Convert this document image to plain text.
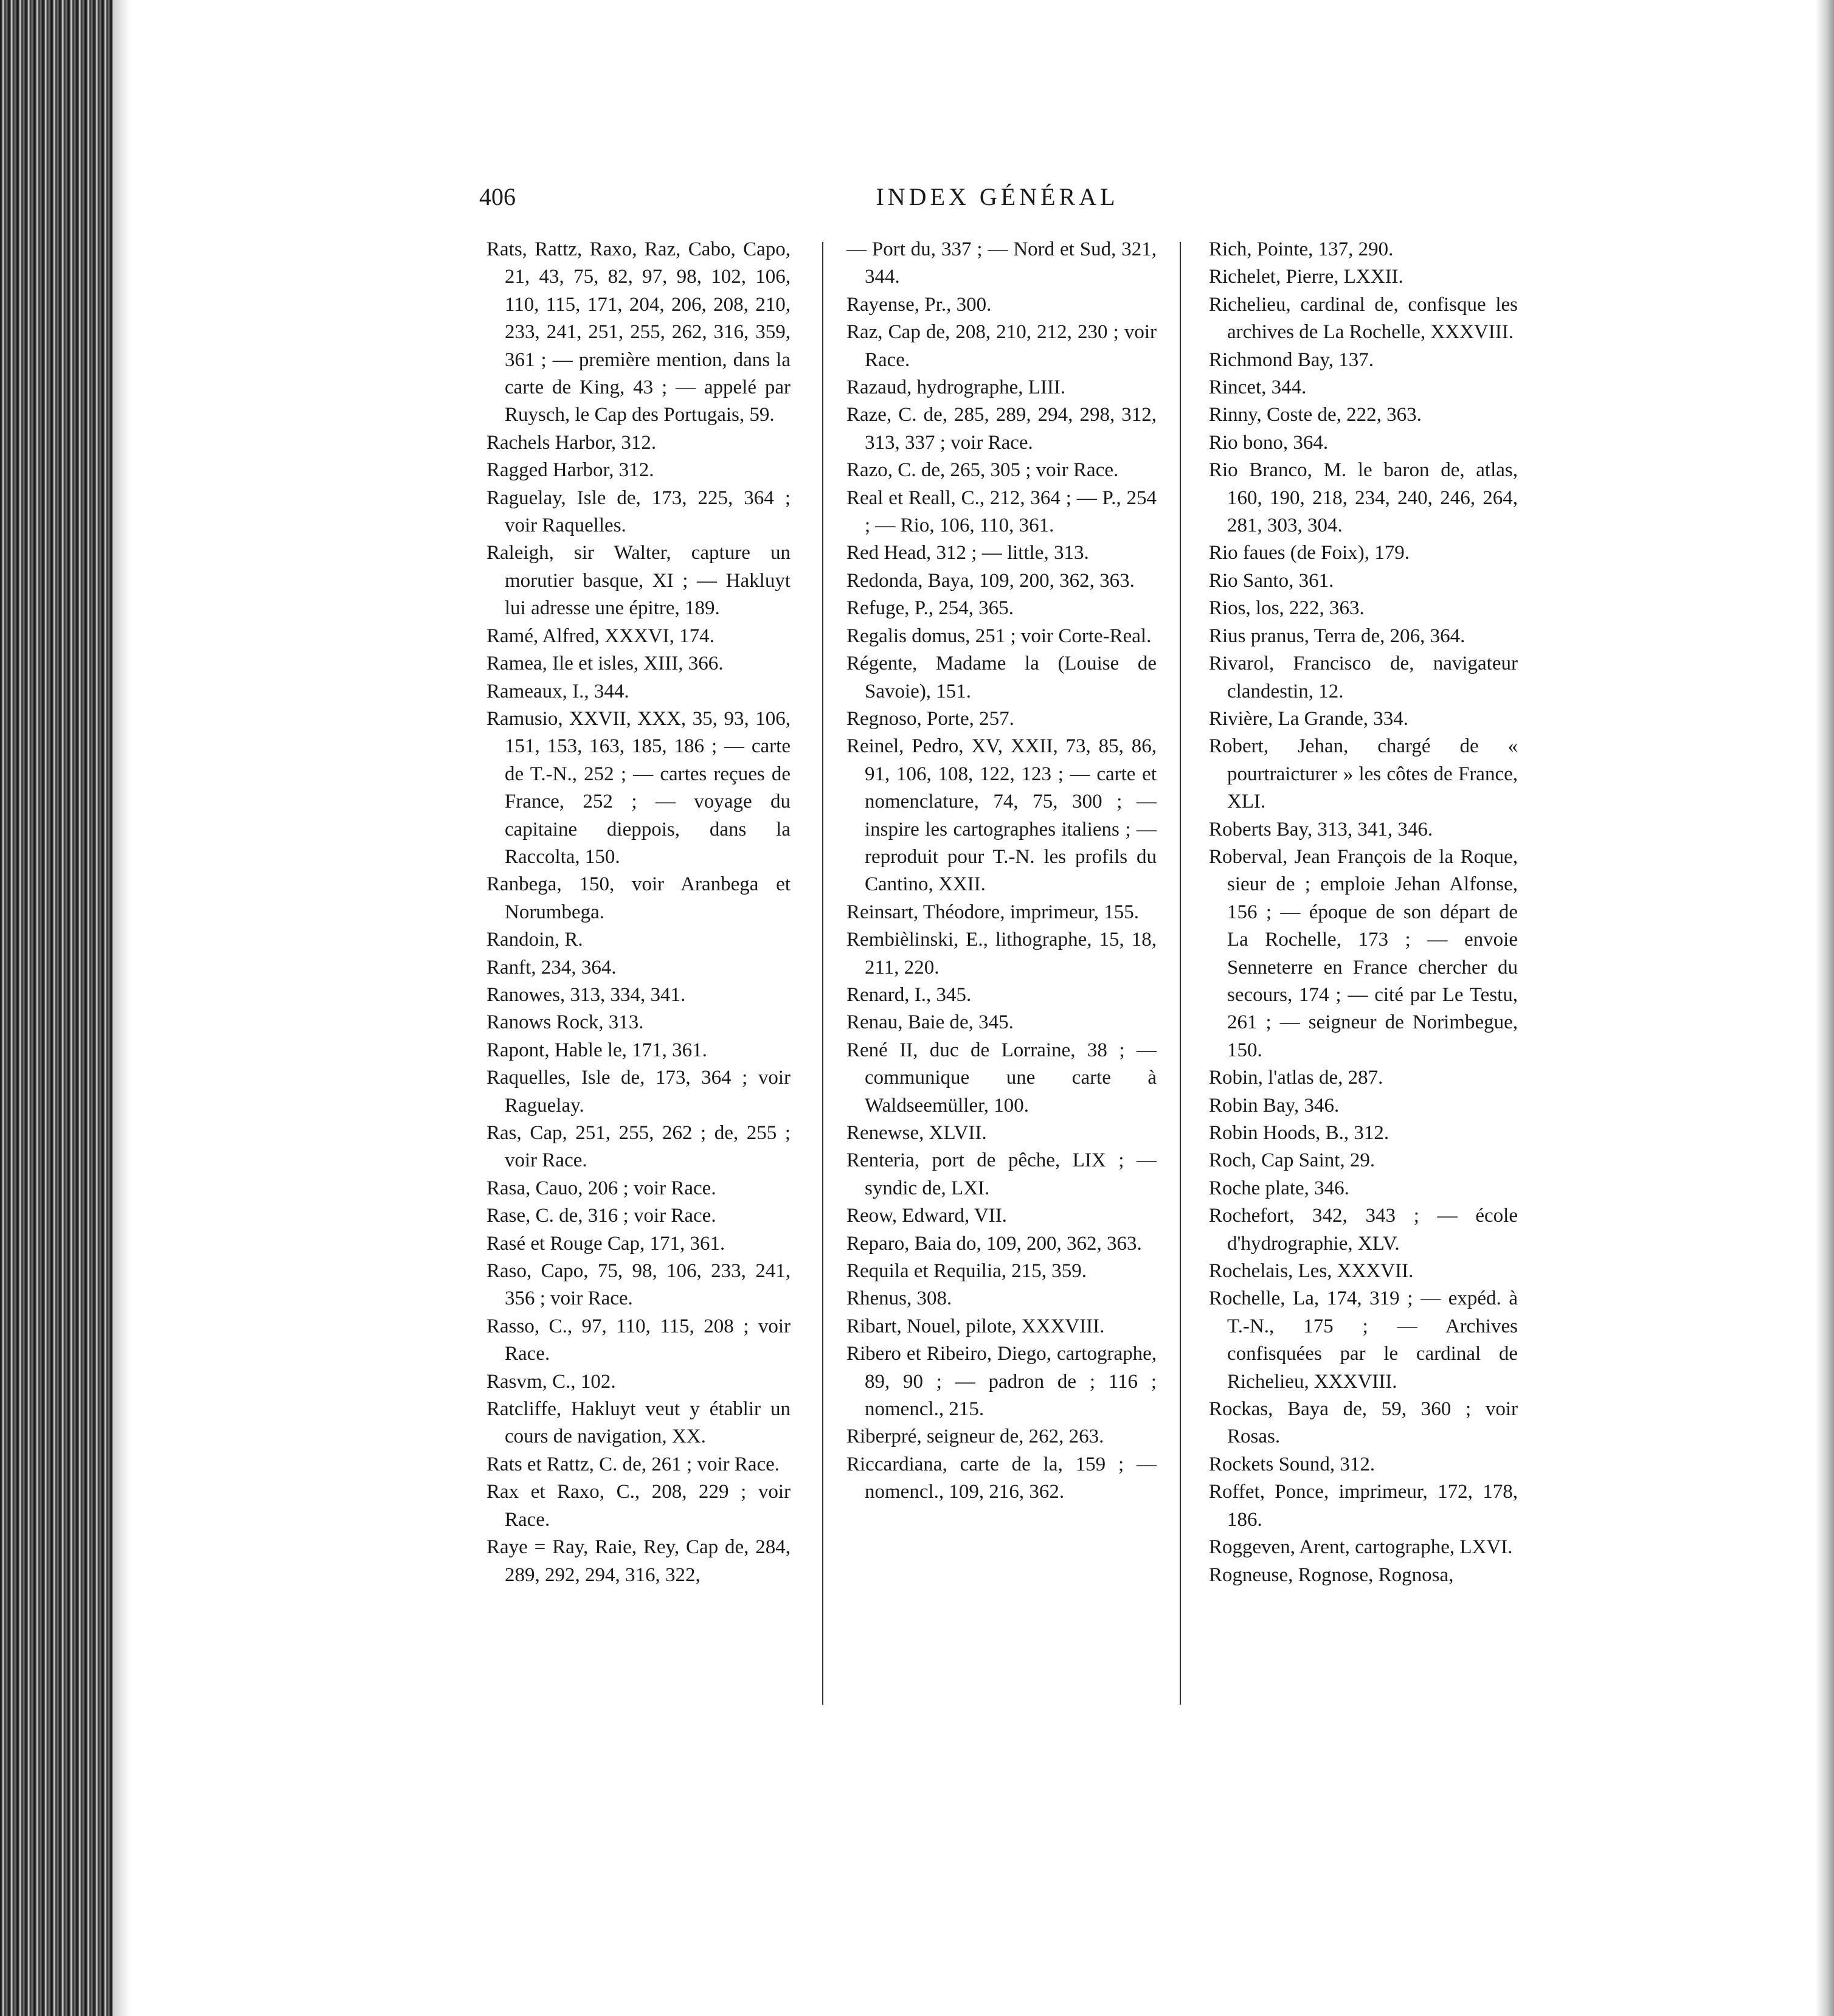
406	INDEX GÉNÉRAL
Rats, Rattz, Raxo, Raz, Cabo, Capo, 21, 43, 75, 82, 97, 98, 102, 106, 110, 115, 171, 204, 206, 208, 210, 233, 241, 251, 255, 262, 316, 359, 361 ; — première mention, dans la carte de King, 43 ; — appelé par Ruysch, le Cap des Portugais, 59.
Rachels Harbor, 312.
Ragged Harbor, 312.
Raguelay, Isle de, 173, 225, 364 ; voir Raquelles.
Raleigh, sir Walter, capture un morutier basque, XI ; — Hakluyt lui adresse une épitre, 189.
Ramé, Alfred, XXXVI, 174.
Ramea, Ile et isles, XIII, 366.
Rameaux, I., 344.
Ramusio, XXVII, XXX, 35, 93, 106, 151, 153, 163, 185, 186 ; — carte de T.-N., 252 ; — cartes reçues de France, 252 ; — voyage du capitaine dieppois, dans la Raccolta, 150.
Ranbega, 150, voir Aranbega et Norumbega.
Randoin, R.
Ranft, 234, 364.
Ranowes, 313, 334, 341.
Ranows Rock, 313.
Rapont, Hable le, 171, 361.
Raquelles, Isle de, 173, 364 ; voir Raguelay.
Ras, Cap, 251, 255, 262 ; de, 255 ; voir Race.
Rasa, Cauo, 206 ; voir Race.
Rase, C. de, 316 ; voir Race.
Rasé et Rouge Cap, 171, 361.
Raso, Capo, 75, 98, 106, 233, 241, 356 ; voir Race.
Rasso, C., 97, 110, 115, 208 ; voir Race.
Rasvm, C., 102.
Ratcliffe, Hakluyt veut y établir un cours de navigation, XX.
Rats et Rattz, C. de, 261 ; voir Race.
Rax et Raxo, C., 208, 229 ; voir Race.
Raye = Ray, Raie, Rey, Cap de, 284, 289, 292, 294, 316, 322,
— Port du, 337 ; — Nord et Sud, 321, 344.
Rayense, Pr., 300.
Raz, Cap de, 208, 210, 212, 230 ; voir Race.
Razaud, hydrographe, LIII.
Raze, C. de, 285, 289, 294, 298, 312, 313, 337 ; voir Race.
Razo, C. de, 265, 305 ; voir Race.
Real et Reall, C., 212, 364 ; — P., 254 ; — Rio, 106, 110, 361.
Red Head, 312 ; — little, 313.
Redonda, Baya, 109, 200, 362, 363.
Refuge, P., 254, 365.
Regalis domus, 251 ; voir Corte-Real.
Régente, Madame la (Louise de Savoie), 151.
Regnoso, Porte, 257.
Reinel, Pedro, XV, XXII, 73, 85, 86, 91, 106, 108, 122, 123 ; — carte et nomenclature, 74, 75, 300 ; — inspire les cartographes italiens ; — reproduit pour T.-N. les profils du Cantino, XXII.
Reinsart, Théodore, imprimeur, 155.
Rembièlinski, E., lithographe, 15, 18, 211, 220.
Renard, I., 345.
Renau, Baie de, 345.
René II, duc de Lorraine, 38 ; — communique une carte à Waldseemüller, 100.
Renewse, XLVII.
Renteria, port de pêche, LIX ; — syndic de, LXI.
Reow, Edward, VII.
Reparo, Baia do, 109, 200, 362, 363.
Requila et Requilia, 215, 359.
Rhenus, 308.
Ribart, Nouel, pilote, XXXVIII.
Ribero et Ribeiro, Diego, cartographe, 89, 90 ; — padron de ; 116 ; nomencl., 215.
Riberpré, seigneur de, 262, 263.
Riccardiana, carte de la, 159 ; — nomencl., 109, 216, 362.
Rich, Pointe, 137, 290.
Richelet, Pierre, LXXII.
Richelieu, cardinal de, confisque les archives de La Rochelle, XXXVIII.
Richmond Bay, 137.
Rincet, 344.
Rinny, Coste de, 222, 363.
Rio bono, 364.
Rio Branco, M. le baron de, atlas, 160, 190, 218, 234, 240, 246, 264, 281, 303, 304.
Rio faues (de Foix), 179.
Rio Santo, 361.
Rios, los, 222, 363.
Rius pranus, Terra de, 206, 364.
Rivarol, Francisco de, navigateur clandestin, 12.
Rivière, La Grande, 334.
Robert, Jehan, chargé de « pourtraicturer » les côtes de France, XLI.
Roberts Bay, 313, 341, 346.
Roberval, Jean François de la Roque, sieur de ; emploie Jehan Alfonse, 156 ; — époque de son départ de La Rochelle, 173 ; — envoie Senneterre en France chercher du secours, 174 ; — cité par Le Testu, 261 ; — seigneur de Norimbegue, 150.
Robin, l'atlas de, 287.
Robin Bay, 346.
Robin Hoods, B., 312.
Roch, Cap Saint, 29.
Roche plate, 346.
Rochefort, 342, 343 ; — école d'hydrographie, XLV.
Rochelais, Les, XXXVII.
Rochelle, La, 174, 319 ; — expéd. à T.-N., 175 ; — Archives confisquées par le cardinal de Richelieu, XXXVIII.
Rockas, Baya de, 59, 360 ; voir Rosas.
Rockets Sound, 312.
Roffet, Ponce, imprimeur, 172, 178, 186.
Roggeven, Arent, cartographe, LXVI.
Rogneuse, Rognose, Rognosa,
